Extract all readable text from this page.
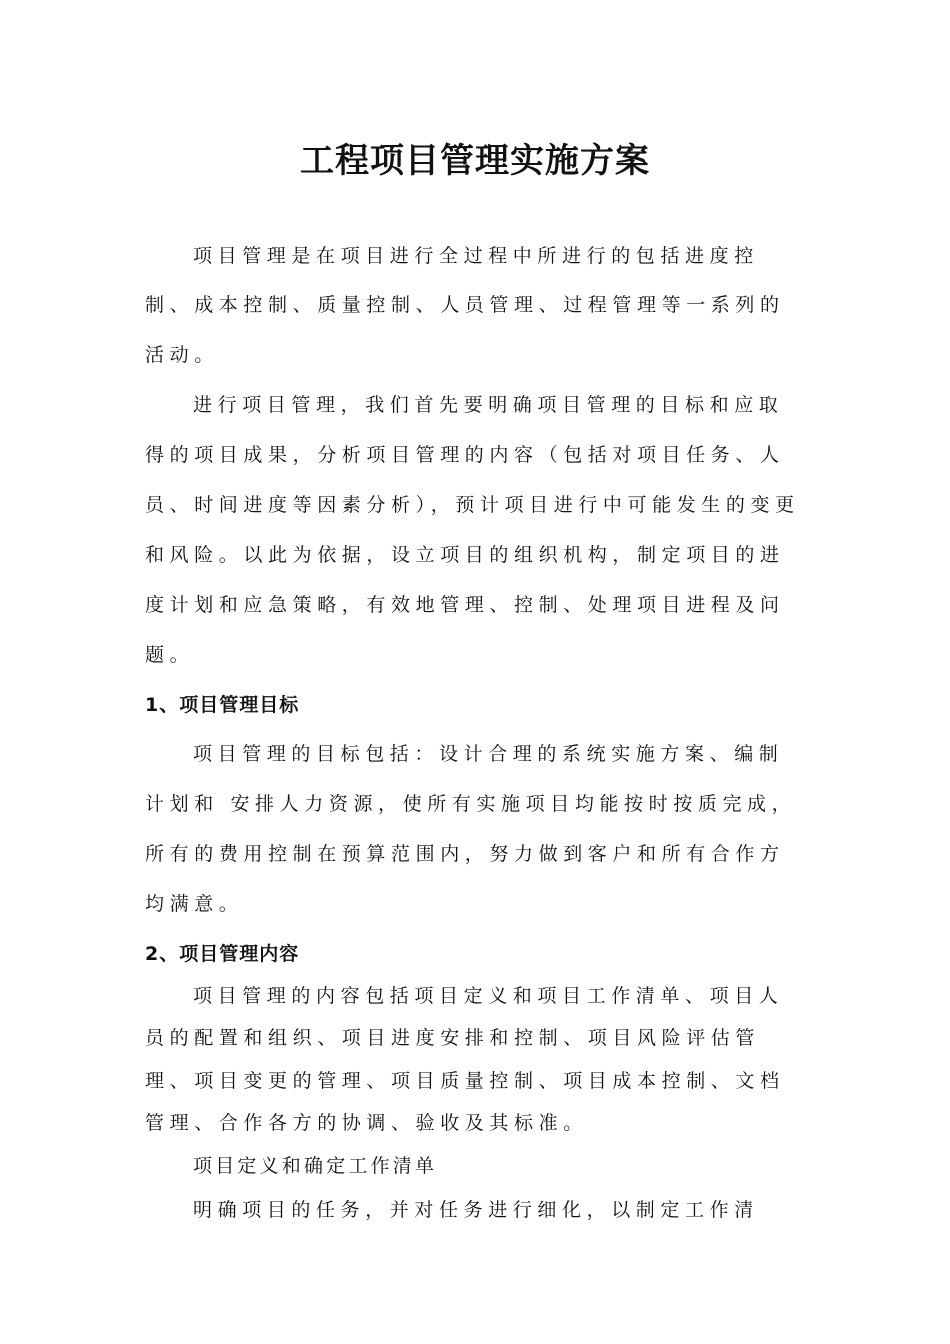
工程项目管理实施方案

项目管理是在项目进行全过程中所进行的包括进度控

制、成本控制、质量控制、人员管理、过程管理等一系列的

活动。

进行项目管理，我们首先要明确项目管理的目标和应取

得的项目成果，分析项目管理的内容（包括对项目任务、人

员、时间进度等因素分析），预计项目进行中可能发生的变更

和风险。以此为依据，设立项目的组织机构，制定项目的进

度计划和应急策略，有效地管理、控制、处理项目进程及问

题。

1、项目管理目标

项目管理的目标包括：设计合理的系统实施方案、编制

计划和 安排人力资源，使所有实施项目均能按时按质完成，

所有的费用控制在预算范围内，努力做到客户和所有合作方

均满意。

2、项目管理内容

项目管理的内容包括项目定义和项目工作清单、项目人

员的配置和组织、项目进度安排和控制、项目风险评估管

理、项目变更的管理、项目质量控制、项目成本控制、文档

管理、合作各方的协调、验收及其标准。

项目定义和确定工作清单

明确项目的任务，并对任务进行细化，以制定工作清
